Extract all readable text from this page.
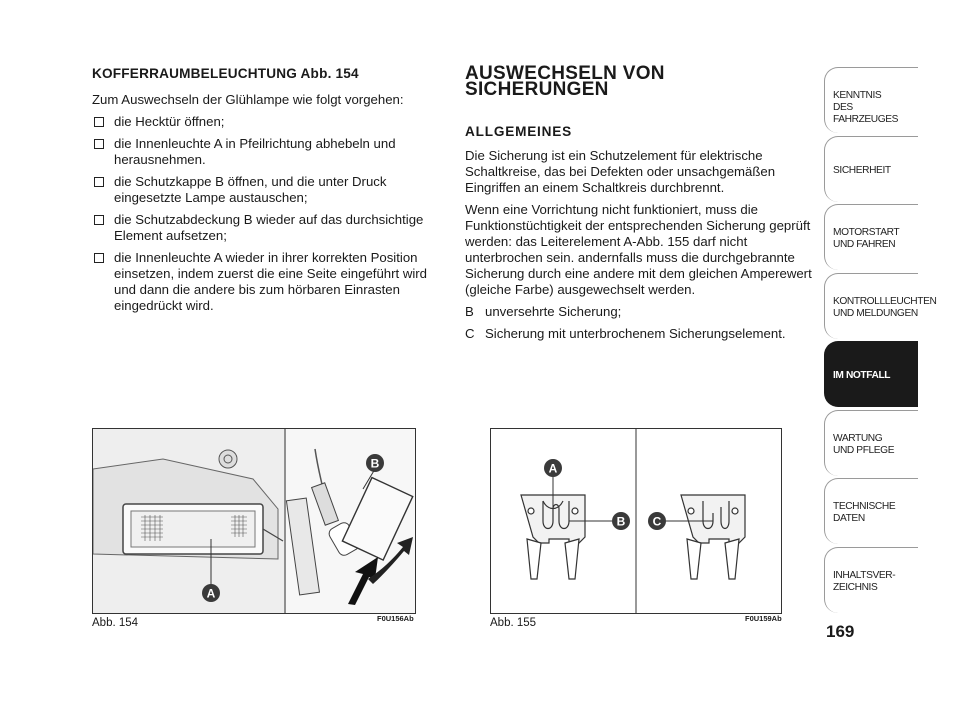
KOFFERRAUMBELEUCHTUNG Abb. 154

Zum Auswechseln der Glühlampe wie folgt vorgehen:

die Hecktür öffnen;
die Innenleuchte A in Pfeilrichtung abhebeln und herausnehmen.
die Schutzkappe B öffnen, und die unter Druck eingesetzte Lampe austauschen;
die Schutzabdeckung B wieder auf das durchsichtige Element aufsetzen;
die Innenleuchte A wieder in ihrer korrekten Position einsetzen, indem zuerst die eine Seite eingeführt wird und dann die andere bis zum hörbaren Einrasten eingedrückt wird.
AUSWECHSELN VON SICHERUNGEN
ALLGEMEINES

Die Sicherung ist ein Schutzelement für elektrische Schaltkreise, das bei Defekten oder unsachgemäßen Eingriffen an einem Schaltkreis durchbrennt.

Wenn eine Vorrichtung nicht funktioniert, muss die Funktionstüchtigkeit der entsprechenden Sicherung geprüft werden: das Leiterelement A-Abb. 155 darf nicht unterbrochen sein. andernfalls muss die durchgebrannte Sicherung durch eine andere mit dem gleichen Amperewert (gleiche Farbe) ausgewechselt werden.

B unversehrte Sicherung;
C Sicherung mit unterbrochenem Sicherungselement.
A
B
Abb. 154	F0U156Ab
A
B C
Abb. 155	F0U159Ab
KENNTNIS
DES FAHRZEUGES
SICHERHEIT
MOTORSTART
UND FAHREN
KONTROLLLEUCHTEN
UND MELDUNGEN
IM NOTFALL
WARTUNG
UND PFLEGE
TECHNISCHE
DATEN
INHALTSVER-
ZEICHNIS
169
